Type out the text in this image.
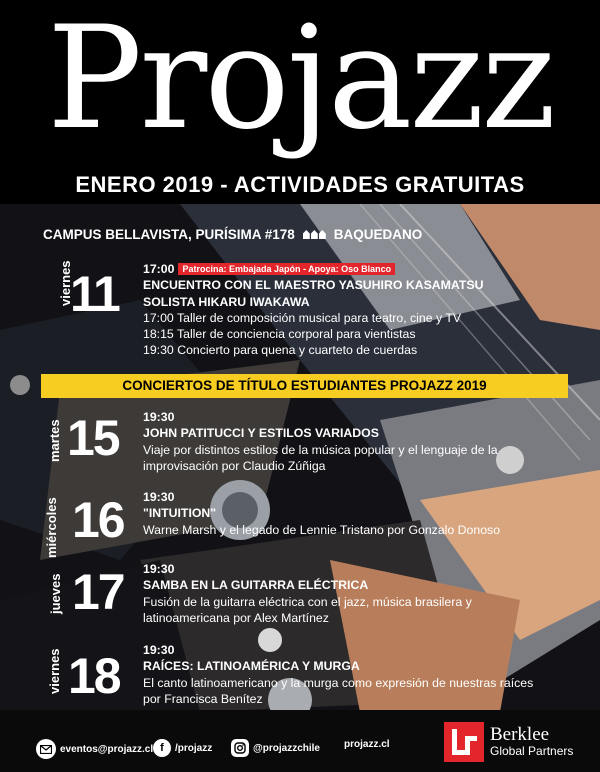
Projazz
ENERO 2019 - ACTIVIDADES GRATUITAS
CAMPUS BELLAVISTA, PURÍSIMA #178	BAQUEDANO
viernes
11 17:00 Patrocina: Embajada Japón - Apoya: Oso Blanco
ENCUENTRO CON EL MAESTRO YASUHIRO KASAMATSU
SOLISTA HIKARU IWAKAWA
17:00 Taller de composición musical para teatro, cine y TV
18:15 Taller de conciencia corporal para vientistas
19:30 Concierto para quena y cuarteto de cuerdas
CONCIERTOS DE TÍTULO ESTUDIANTES PROJAZZ 2019
martes 15 19:30
JOHN PATITUCCI Y ESTILOS VARIADOS
Viaje por distintos estilos de la música popular y el lenguaje de la
improvisación por Claudio Zúñiga
miércoles 16 19:30
"INTUITION"
Warne Marsh y el legado de Lennie Tristano por Gonzalo Donoso
jueves 17 19:30
SAMBA EN LA GUITARRA ELÉCTRICA
Fusión de la guitarra eléctrica con el jazz, música brasilera y
latinoamericana por Alex Martínez
viernes 18 19:30
RAÍCES: LATINOAMÉRICA Y MURGA
El canto latinoamericano y la murga como expresión de nuestras raíces
por Francisca Benítez
eventos@projazz.cl f	/projazz	@projazzchile projazz.cl	Berklee
Global Partners
